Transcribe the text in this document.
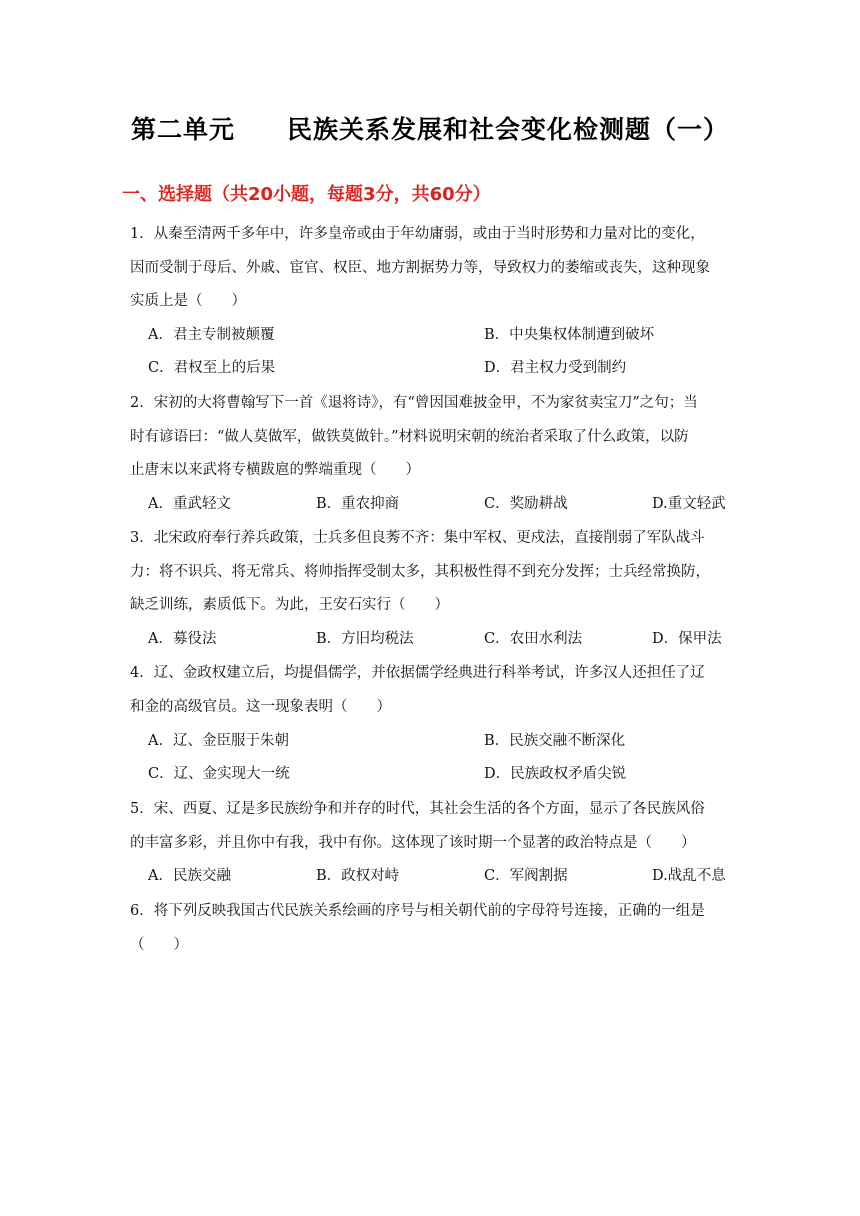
第二单元　　民族关系发展和社会变化检测题（一）
一、选择题（共20小题，每题3分，共60分）
1．从秦至清两千多年中，许多皇帝或由于年幼庸弱，或由于当时形势和力量对比的变化，
因而受制于母后、外戚、宦官、权臣、地方割据势力等，导致权力的萎缩或丧失，这种现象
实质上是（　　）
A．君主专制被颠覆	B．中央集权体制遭到破坏
C．君权至上的后果	D．君主权力受到制约
2．宋初的大将曹翰写下一首《退将诗》，有“曾因国难披金甲，不为家贫卖宝刀”之句；当
时有谚语曰：“做人莫做军，做铁莫做针。”材料说明宋朝的统治者采取了什么政策，以防
止唐末以来武将专横跋扈的弊端重现（　　）
A．重武轻文	B．重农抑商	C．奖励耕战	D.重文轻武
3．北宋政府奉行养兵政策，士兵多但良莠不齐：集中军权、更戍法，直接削弱了军队战斗
力：将不识兵、将无常兵、将帅指挥受制太多，其积极性得不到充分发挥；士兵经常换防，
缺乏训练，素质低下。为此，王安石实行（　　）
A．募役法	B．方旧均税法	C．农田水利法	D．保甲法
4．辽、金政权建立后，均提倡儒学，并依据儒学经典进行科举考试，许多汉人还担任了辽
和金的高级官员。这一现象表明（　　）
A．辽、金臣服于朱朝	B．民族交融不断深化
C．辽、金实现大一统	D．民族政权矛盾尖锐
5．宋、西夏、辽是多民族纷争和并存的时代，其社会生活的各个方面，显示了各民族风俗
的丰富多彩，并且你中有我，我中有你。这体现了该时期一个显著的政治特点是（　　）
A．民族交融	B．政权对峙	C．军阀割据	D.战乱不息
6．将下列反映我国古代民族关系绘画的序号与相关朝代前的字母符号连接，正确的一组是
（　　）
